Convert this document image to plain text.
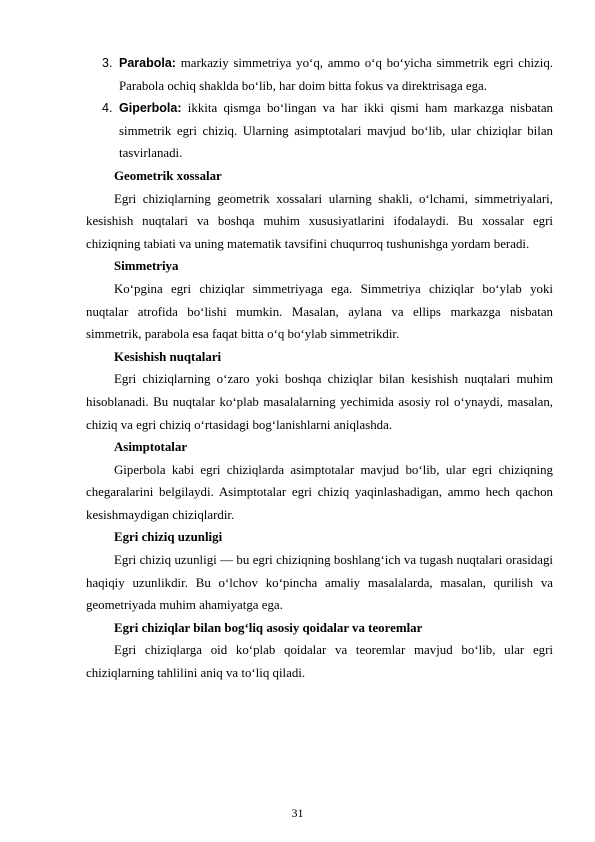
3. Parabola: markaziy simmetriya yo‘q, ammo o‘q bo‘yicha simmetrik egri chiziq. Parabola ochiq shaklda bo‘lib, har doim bitta fokus va direktrisaga ega.
4. Giperbola: ikkita qismga bo‘lingan va har ikki qismi ham markazga nisbatan simmetrik egri chiziq. Ularning asimptotalari mavjud bo‘lib, ular chiziqlar bilan tasvirlanadi.

Geometrik xossalar

Egri chiziqlarning geometrik xossalari ularning shakli, o‘lchami, simmetriyalari, kesishish nuqtalari va boshqa muhim xususiyatlarini ifodalaydi. Bu xossalar egri chiziqning tabiati va uning matematik tavsifini chuqurroq tushunishga yordam beradi.

Simmetriya

Ko‘pgina egri chiziqlar simmetriyaga ega. Simmetriya chiziqlar bo‘ylab yoki nuqtalar atrofida bo‘lishi mumkin. Masalan, aylana va ellips markazga nisbatan simmetrik, parabola esa faqat bitta o‘q bo‘ylab simmetrikdir.

Kesishish nuqtalari

Egri chiziqlarning o‘zaro yoki boshqa chiziqlar bilan kesishish nuqtalari muhim hisoblanadi. Bu nuqtalar ko‘plab masalalarning yechimida asosiy rol o‘ynaydi, masalan, chiziq va egri chiziq o‘rtasidagi bog‘lanishlarni aniqlashda.

Asimptotalar

Giperbola kabi egri chiziqlarda asimptotalar mavjud bo‘lib, ular egri chiziqning chegaralarini belgilaydi. Asimptotalar egri chiziq yaqinlashadigan, ammo hech qachon kesishmaydigan chiziqlardir.

Egri chiziq uzunligi

Egri chiziq uzunligi — bu egri chiziqning boshlang‘ich va tugash nuqtalari orasidagi haqiqiy uzunlikdir. Bu o‘lchov ko‘pincha amaliy masalalarda, masalan, qurilish va geometriyada muhim ahamiyatga ega.

Egri chiziqlar bilan bog‘liq asosiy qoidalar va teoremlar

Egri chiziqlarga oid ko‘plab qoidalar va teoremlar mavjud bo‘lib, ular egri chiziqlarning tahlilini aniq va to‘liq qiladi.

31
